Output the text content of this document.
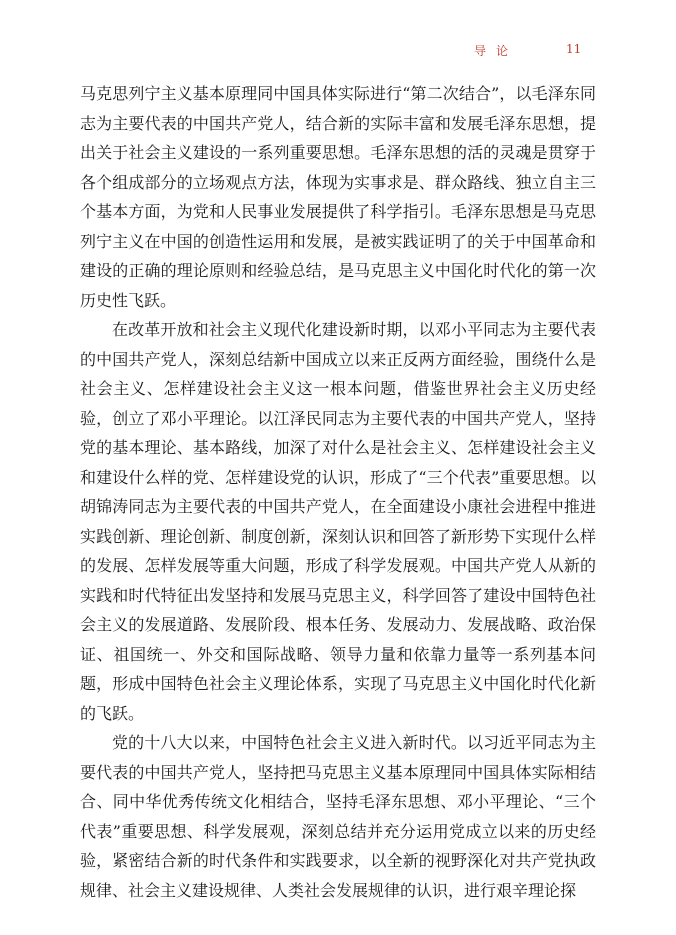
导论	11

马克思列宁主义基本原理同中国具体实际进行“第二次结合”，以毛泽东同志为主要代表的中国共产党人，结合新的实际丰富和发展毛泽东思想，提出关于社会主义建设的一系列重要思想。毛泽东思想的活的灵魂是贯穿于各个组成部分的立场观点方法，体现为实事求是、群众路线、独立自主三个基本方面，为党和人民事业发展提供了科学指引。毛泽东思想是马克思列宁主义在中国的创造性运用和发展，是被实践证明了的关于中国革命和建设的正确的理论原则和经验总结，是马克思主义中国化时代化的第一次历史性飞跃。

在改革开放和社会主义现代化建设新时期，以邓小平同志为主要代表的中国共产党人，深刻总结新中国成立以来正反两方面经验，围绕什么是社会主义、怎样建设社会主义这一根本问题，借鉴世界社会主义历史经验，创立了邓小平理论。以江泽民同志为主要代表的中国共产党人，坚持党的基本理论、基本路线，加深了对什么是社会主义、怎样建设社会主义和建设什么样的党、怎样建设党的认识，形成了“三个代表”重要思想。以胡锦涛同志为主要代表的中国共产党人，在全面建设小康社会进程中推进实践创新、理论创新、制度创新，深刻认识和回答了新形势下实现什么样的发展、怎样发展等重大问题，形成了科学发展观。中国共产党人从新的实践和时代特征出发坚持和发展马克思主义，科学回答了建设中国特色社会主义的发展道路、发展阶段、根本任务、发展动力、发展战略、政治保证、祖国统一、外交和国际战略、领导力量和依靠力量等一系列基本问题，形成中国特色社会主义理论体系，实现了马克思主义中国化时代化新的飞跃。

党的十八大以来，中国特色社会主义进入新时代。以习近平同志为主要代表的中国共产党人，坚持把马克思主义基本原理同中国具体实际相结合、同中华优秀传统文化相结合，坚持毛泽东思想、邓小平理论、“三个代表”重要思想、科学发展观，深刻总结并充分运用党成立以来的历史经验，紧密结合新的时代条件和实践要求，以全新的视野深化对共产党执政规律、社会主义建设规律、人类社会发展规律的认识，进行艰辛理论探
